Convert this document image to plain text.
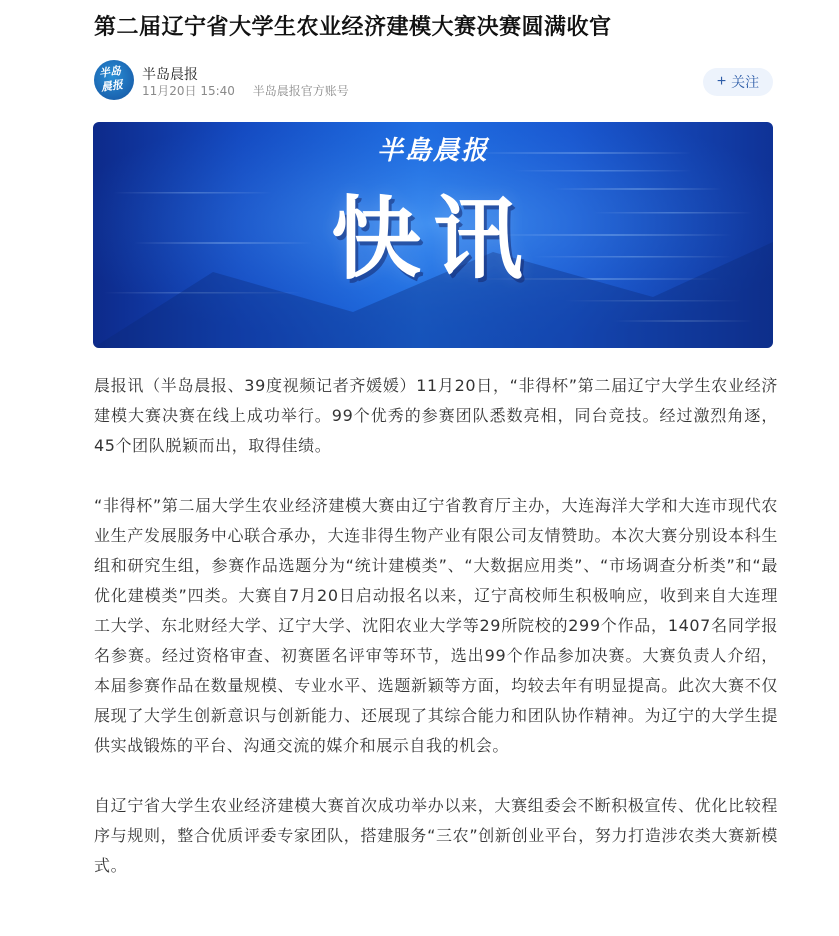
第二届辽宁省大学生农业经济建模大赛决赛圆满收官
半岛晨报
半岛晨报
11月20日 15:40 半岛晨报官方账号
+ 关注
半島晨报
快讯

晨报讯（半岛晨报、39度视频记者齐媛媛）11月20日，“非得杯”第二届辽宁大学生农业经济建模大赛决赛在线上成功举行。99个优秀的参赛团队悉数亮相，同台竞技。经过激烈角逐，45个团队脱颖而出，取得佳绩。

“非得杯”第二届大学生农业经济建模大赛由辽宁省教育厅主办，大连海洋大学和大连市现代农业生产发展服务中心联合承办，大连非得生物产业有限公司友情赞助。本次大赛分别设本科生组和研究生组，参赛作品选题分为“统计建模类”、“大数据应用类”、“市场调查分析类”和“最优化建模类”四类。大赛自7月20日启动报名以来，辽宁高校师生积极响应，收到来自大连理工大学、东北财经大学、辽宁大学、沈阳农业大学等29所院校的299个作品，1407名同学报名参赛。经过资格审查、初赛匿名评审等环节，选出99个作品参加决赛。大赛负责人介绍，本届参赛作品在数量规模、专业水平、选题新颖等方面，均较去年有明显提高。此次大赛不仅展现了大学生创新意识与创新能力、还展现了其综合能力和团队协作精神。为辽宁的大学生提供实战锻炼的平台、沟通交流的媒介和展示自我的机会。

自辽宁省大学生农业经济建模大赛首次成功举办以来，大赛组委会不断积极宣传、优化比较程序与规则，整合优质评委专家团队，搭建服务“三农”创新创业平台，努力打造涉农类大赛新模式。
